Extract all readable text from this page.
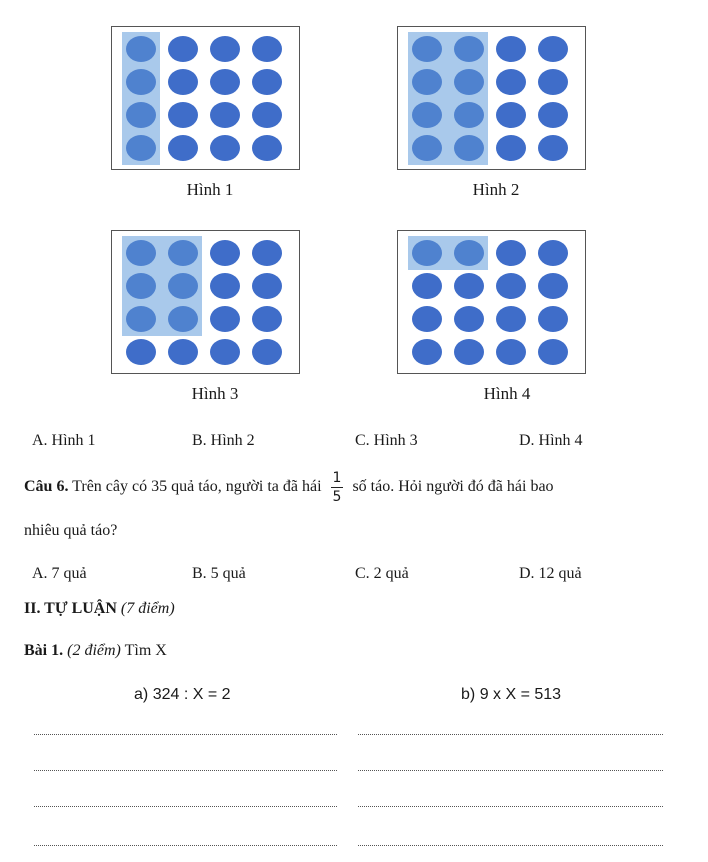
Hình 1	Hình 2
Hình 3	Hình 4
A. Hình 1	B. Hình 2	C. Hình 3	D. Hình 4
Câu 6. Trên cây có 35 quả táo, người ta đã hái $\frac{1}{5}$ số táo. Hỏi người đó đã hái bao
nhiêu quả táo?
A. 7 quả	B. 5 quả	C. 2 quả	D. 12 quả
II. TỰ LUẬN (7 điểm)
Bài 1. (2 điểm) Tìm X
a) 324 : X = 2	b) 9 x X = 513
